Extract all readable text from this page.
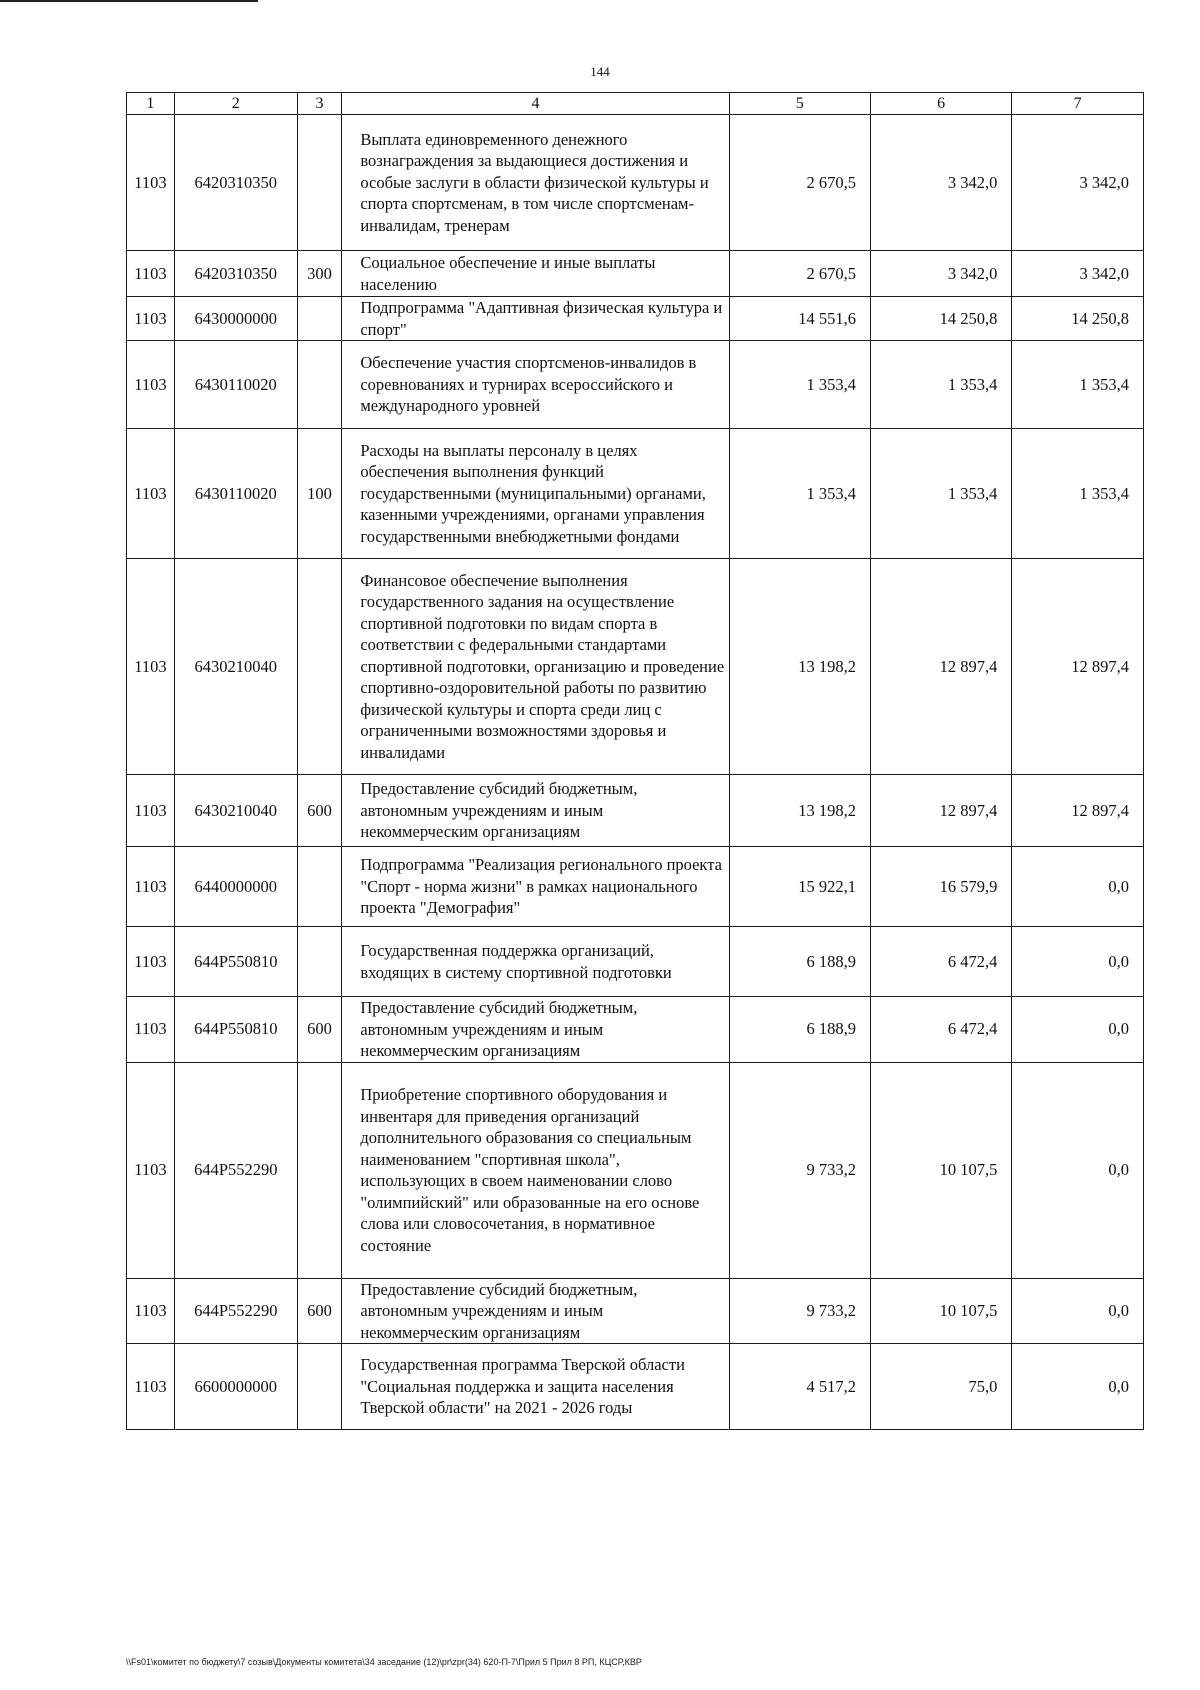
144
1	2	3	4	5	6	7
1103	6420310350		Выплата единовременного денежного вознаграждения за выдающиеся достижения и особые заслуги в области физической культуры и спорта спортсменам, в том числе спортсменам-инвалидам, тренерам	2 670,5	3 342,0	3 342,0
1103	6420310350	300	Социальное обеспечение и иные выплаты населению	2 670,5	3 342,0	3 342,0
1103	6430000000		Подпрограмма "Адаптивная физическая культура и спорт"	14 551,6	14 250,8	14 250,8
1103	6430110020		Обеспечение участия спортсменов-инвалидов в соревнованиях и турнирах всероссийского и международного уровней	1 353,4	1 353,4	1 353,4
1103	6430110020	100	Расходы на выплаты персоналу в целях обеспечения выполнения функций государственными (муниципальными) органами, казенными учреждениями, органами управления государственными внебюджетными фондами	1 353,4	1 353,4	1 353,4
1103	6430210040		Финансовое обеспечение выполнения государственного задания на осуществление спортивной подготовки по видам спорта в соответствии с федеральными стандартами спортивной подготовки, организацию и проведение спортивно-оздоровительной работы по развитию физической культуры и спорта среди лиц с ограниченными возможностями здоровья и инвалидами	13 198,2	12 897,4	12 897,4
1103	6430210040	600	Предоставление субсидий бюджетным, автономным учреждениям и иным некоммерческим организациям	13 198,2	12 897,4	12 897,4
1103	6440000000		Подпрограмма "Реализация регионального проекта "Спорт - норма жизни" в рамках национального проекта "Демография"	15 922,1	16 579,9	0,0
1103	644P550810		Государственная поддержка организаций, входящих в систему спортивной подготовки	6 188,9	6 472,4	0,0
1103	644P550810	600	Предоставление субсидий бюджетным, автономным учреждениям и иным некоммерческим организациям	6 188,9	6 472,4	0,0
1103	644P552290		Приобретение спортивного оборудования и инвентаря для приведения организаций дополнительного образования со специальным наименованием "спортивная школа", использующих в своем наименовании слово "олимпийский" или образованные на его основе слова или словосочетания, в нормативное состояние	9 733,2	10 107,5	0,0
1103	644P552290	600	Предоставление субсидий бюджетным, автономным учреждениям и иным некоммерческим организациям	9 733,2	10 107,5	0,0
1103	6600000000		Государственная программа Тверской области "Социальная поддержка и защита населения Тверской области" на 2021 - 2026 годы	4 517,2	75,0	0,0
\\Fs01\комитет по бюджету\7 созыв\Документы комитета\34 заседание (12)\pr\zpr(34) 620-П-7\Прил 5 Прил 8 РП, КЦСР,КВР
